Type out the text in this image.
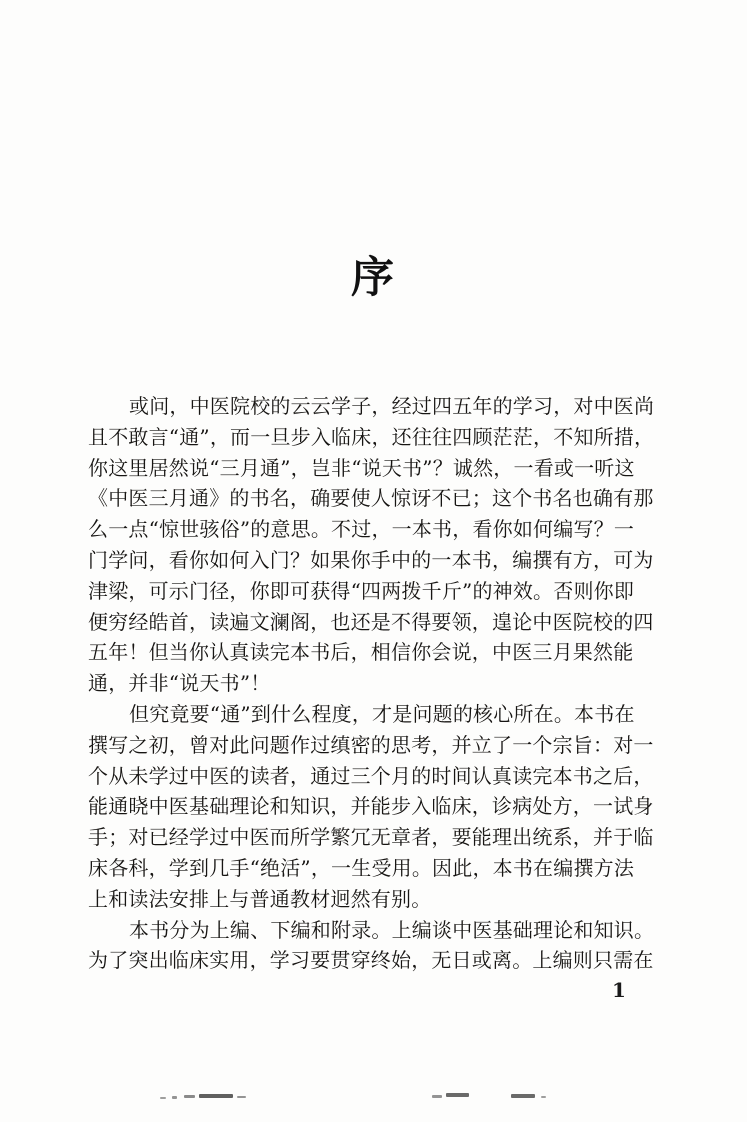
序
或问，中医院校的云云学子，经过四五年的学习，对中医尚
且不敢言“通”，而一旦步入临床，还往往四顾茫茫，不知所措，
你这里居然说“三月通”，岂非“说天书”？诚然，一看或一听这
《中医三月通》的书名，确要使人惊讶不已；这个书名也确有那
么一点“惊世骇俗”的意思。不过，一本书，看你如何编写？一
门学问，看你如何入门？如果你手中的一本书，编撰有方，可为
津梁，可示门径，你即可获得“四两拨千斤”的神效。否则你即
便穷经皓首，读遍文澜阁，也还是不得要领，遑论中医院校的四
五年！但当你认真读完本书后，相信你会说，中医三月果然能
通，并非“说天书”！
但究竟要“通”到什么程度，才是问题的核心所在。本书在
撰写之初，曾对此问题作过缜密的思考，并立了一个宗旨：对一
个从未学过中医的读者，通过三个月的时间认真读完本书之后，
能通晓中医基础理论和知识，并能步入临床，诊病处方，一试身
手；对已经学过中医而所学繁冗无章者，要能理出统系，并于临
床各科，学到几手“绝活”，一生受用。因此，本书在编撰方法
上和读法安排上与普通教材迥然有别。
本书分为上编、下编和附录。上编谈中医基础理论和知识。
为了突出临床实用，学习要贯穿终始，无日或离。上编则只需在
1
